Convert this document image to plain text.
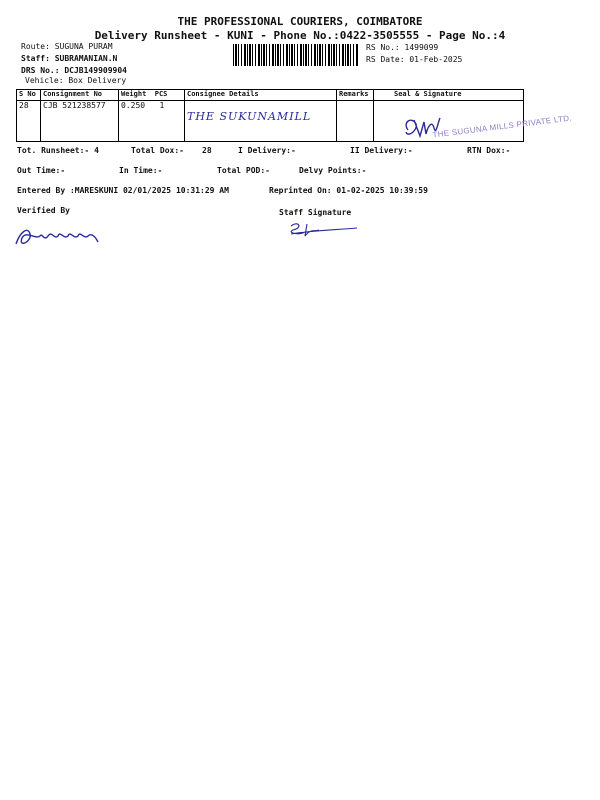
THE PROFESSIONAL COURIERS, COIMBATORE
Delivery Runsheet - KUNI - Phone No.:0422-3505555 - Page No.:4
Route: SUGUNA PURAM
Staff: SUBRAMANIAN.N
DRS No.: DCJB149909904
Vehicle: Box Delivery
RS No.: 1499099
RS Date: 01-Feb-2025
S No	Consignment No	Weight PCS	Consignee Details	Remarks	Seal & Signature
28	CJB 521238577	0.250 1	THE SUKUNAMILL			THE SUGUNA MILLS PRIVATE LTD.
Tot. Runsheet:- 4	Total Dox:- 28	I Delivery:-	II Delivery:-	RTN Dox:-
Out Time:-	In Time:-	Total POD:-	Delvy Points:-
Entered By :MARESKUNI 02/01/2025 10:31:29 AM	Reprinted On: 01-02-2025 10:39:59
Verified By	Staff Signature
